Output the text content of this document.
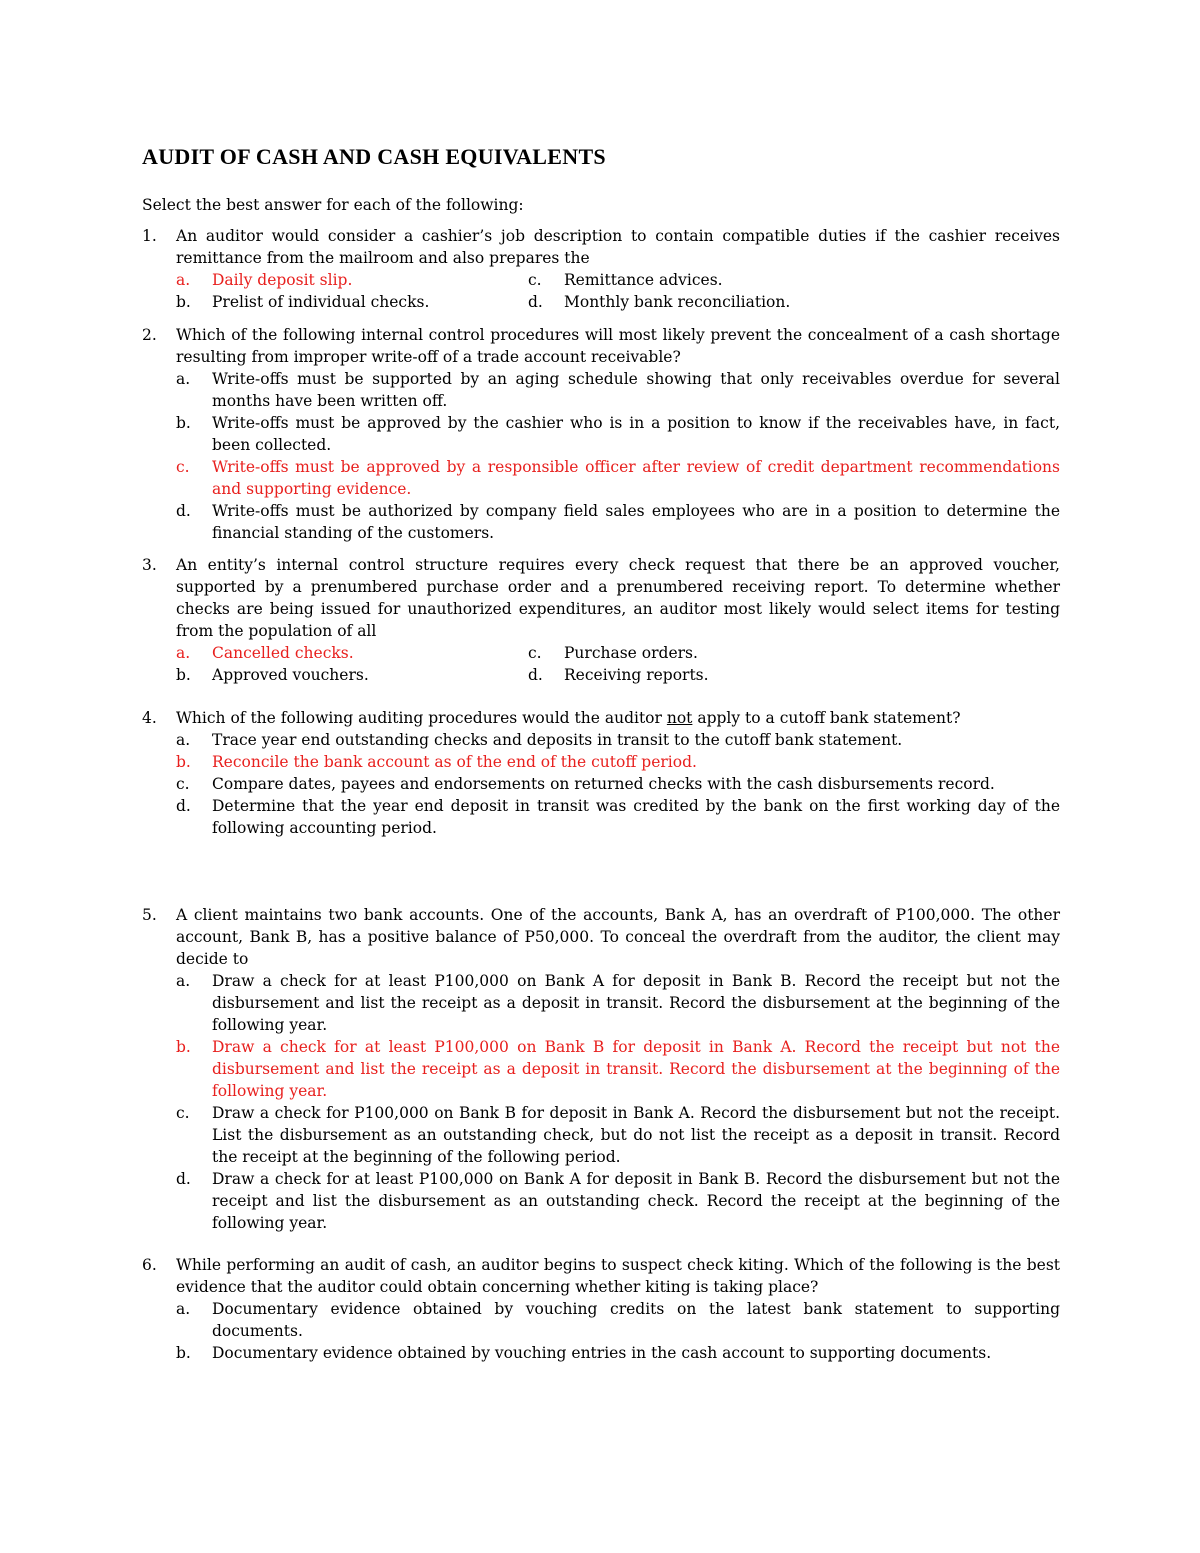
AUDIT OF CASH AND CASH EQUIVALENTS
Select the best answer for each of the following:
1.	An auditor would consider a cashier’s job description to contain compatible duties if the cashier receives remittance from the mailroom and also prepares the
a. Daily deposit slip.	c. Remittance advices.
b. Prelist of individual checks.	d. Monthly bank reconciliation.
2.	Which of the following internal control procedures will most likely prevent the concealment of a cash shortage resulting from improper write-off of a trade account receivable?
a. Write-offs must be supported by an aging schedule showing that only receivables overdue for several months have been written off.
b. Write-offs must be approved by the cashier who is in a position to know if the receivables have, in fact, been collected.
c. Write-offs must be approved by a responsible officer after review of credit department recommendations and supporting evidence.
d. Write-offs must be authorized by company field sales employees who are in a position to determine the financial standing of the customers.
3.	An entity’s internal control structure requires every check request that there be an approved voucher, supported by a prenumbered purchase order and a prenumbered receiving report. To determine whether checks are being issued for unauthorized expenditures, an auditor most likely would select items for testing from the population of all
a. Cancelled checks.	c. Purchase orders.
b. Approved vouchers.	d. Receiving reports.
4.	Which of the following auditing procedures would the auditor not apply to a cutoff bank statement?
a. Trace year end outstanding checks and deposits in transit to the cutoff bank statement.
b. Reconcile the bank account as of the end of the cutoff period.
c. Compare dates, payees and endorsements on returned checks with the cash disbursements record.
d. Determine that the year end deposit in transit was credited by the bank on the first working day of the following accounting period.
5.	A client maintains two bank accounts. One of the accounts, Bank A, has an overdraft of P100,000. The other account, Bank B, has a positive balance of P50,000. To conceal the overdraft from the auditor, the client may decide to
a. Draw a check for at least P100,000 on Bank A for deposit in Bank B. Record the receipt but not the disbursement and list the receipt as a deposit in transit. Record the disbursement at the beginning of the following year.
b. Draw a check for at least P100,000 on Bank B for deposit in Bank A. Record the receipt but not the disbursement and list the receipt as a deposit in transit. Record the disbursement at the beginning of the following year.
c. Draw a check for P100,000 on Bank B for deposit in Bank A. Record the disbursement but not the receipt. List the disbursement as an outstanding check, but do not list the receipt as a deposit in transit. Record the receipt at the beginning of the following period.
d. Draw a check for at least P100,000 on Bank A for deposit in Bank B. Record the disbursement but not the receipt and list the disbursement as an outstanding check. Record the receipt at the beginning of the following year.
6.	While performing an audit of cash, an auditor begins to suspect check kiting. Which of the following is the best evidence that the auditor could obtain concerning whether kiting is taking place?
a. Documentary evidence obtained by vouching credits on the latest bank statement to supporting documents.
b. Documentary evidence obtained by vouching entries in the cash account to supporting documents.
